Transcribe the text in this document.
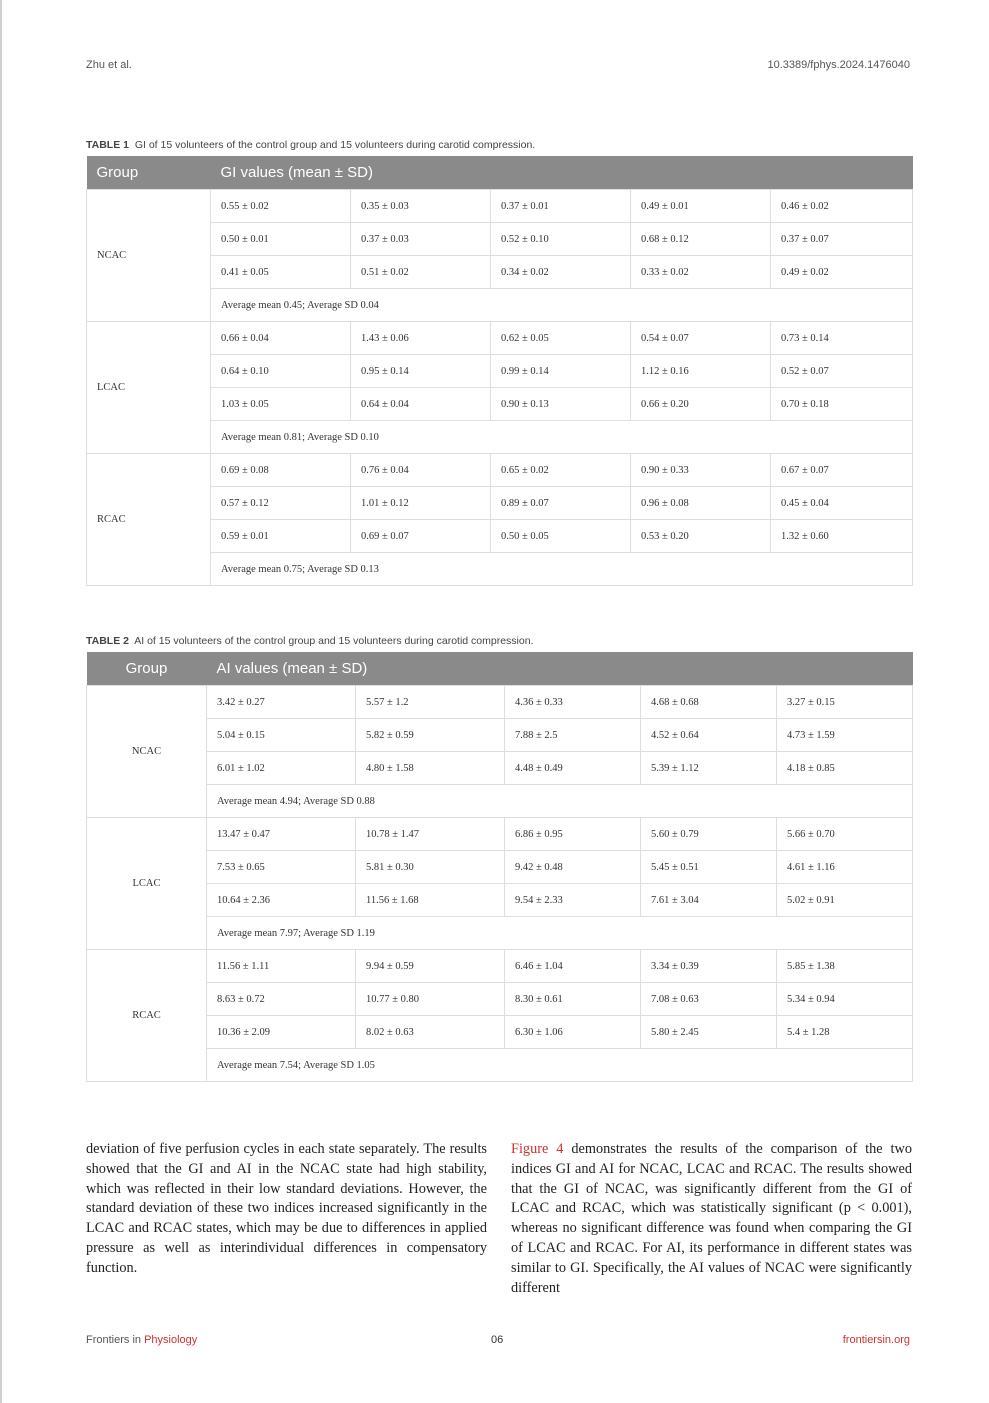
Zhu et al.	10.3389/fphys.2024.1476040
TABLE 1 GI of 15 volunteers of the control group and 15 volunteers during carotid compression.
Group	GI values (mean ± SD)				
NCAC	0.55 ± 0.02	0.35 ± 0.03	0.37 ± 0.01	0.49 ± 0.01	0.46 ± 0.02
	0.50 ± 0.01	0.37 ± 0.03	0.52 ± 0.10	0.68 ± 0.12	0.37 ± 0.07
	0.41 ± 0.05	0.51 ± 0.02	0.34 ± 0.02	0.33 ± 0.02	0.49 ± 0.02
	Average mean 0.45; Average SD 0.04				
LCAC	0.66 ± 0.04	1.43 ± 0.06	0.62 ± 0.05	0.54 ± 0.07	0.73 ± 0.14
	0.64 ± 0.10	0.95 ± 0.14	0.99 ± 0.14	1.12 ± 0.16	0.52 ± 0.07
	1.03 ± 0.05	0.64 ± 0.04	0.90 ± 0.13	0.66 ± 0.20	0.70 ± 0.18
	Average mean 0.81; Average SD 0.10				
RCAC	0.69 ± 0.08	0.76 ± 0.04	0.65 ± 0.02	0.90 ± 0.33	0.67 ± 0.07
	0.57 ± 0.12	1.01 ± 0.12	0.89 ± 0.07	0.96 ± 0.08	0.45 ± 0.04
	0.59 ± 0.01	0.69 ± 0.07	0.50 ± 0.05	0.53 ± 0.20	1.32 ± 0.60
	Average mean 0.75; Average SD 0.13				
TABLE 2 AI of 15 volunteers of the control group and 15 volunteers during carotid compression.
Group	AI values (mean ± SD)				
NCAC	3.42 ± 0.27	5.57 ± 1.2	4.36 ± 0.33	4.68 ± 0.68	3.27 ± 0.15
	5.04 ± 0.15	5.82 ± 0.59	7.88 ± 2.5	4.52 ± 0.64	4.73 ± 1.59
	6.01 ± 1.02	4.80 ± 1.58	4.48 ± 0.49	5.39 ± 1.12	4.18 ± 0.85
	Average mean 4.94; Average SD 0.88				
LCAC	13.47 ± 0.47	10.78 ± 1.47	6.86 ± 0.95	5.60 ± 0.79	5.66 ± 0.70
	7.53 ± 0.65	5.81 ± 0.30	9.42 ± 0.48	5.45 ± 0.51	4.61 ± 1.16
	10.64 ± 2.36	11.56 ± 1.68	9.54 ± 2.33	7.61 ± 3.04	5.02 ± 0.91
	Average mean 7.97; Average SD 1.19				
RCAC	11.56 ± 1.11	9.94 ± 0.59	6.46 ± 1.04	3.34 ± 0.39	5.85 ± 1.38
	8.63 ± 0.72	10.77 ± 0.80	8.30 ± 0.61	7.08 ± 0.63	5.34 ± 0.94
	10.36 ± 2.09	8.02 ± 0.63	6.30 ± 1.06	5.80 ± 2.45	5.4 ± 1.28
	Average mean 7.54; Average SD 1.05				
deviation of five perfusion cycles in each state separately. The results showed that the GI and AI in the NCAC state had high stability, which was reflected in their low standard deviations. However, the standard deviation of these two indices increased significantly in the LCAC and RCAC states, which may be due to differences in applied pressure as well as interindividual differences in compensatory function.
Figure 4 demonstrates the results of the comparison of the two indices GI and AI for NCAC, LCAC and RCAC. The results showed that the GI of NCAC, was significantly different from the GI of LCAC and RCAC, which was statistically significant (p < 0.001), whereas no significant difference was found when comparing the GI of LCAC and RCAC. For AI, its performance in different states was similar to GI. Specifically, the AI values of NCAC were significantly different
Frontiers in Physiology	06	frontiersin.org
